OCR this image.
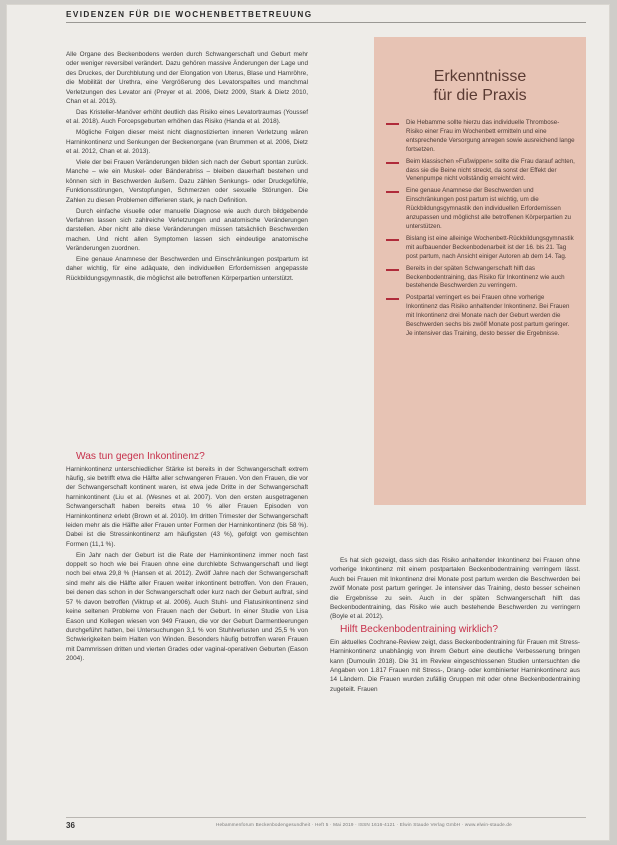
EVIDENZEN FÜR DIE WOCHENBETTBETREUUNG

Alle Organe des Beckenbodens werden durch Schwangerschaft und Geburt mehr oder weniger reversibel verändert. Dazu gehören massive Änderungen der Lage und des Druckes, der Durchblutung und der Elongation von Uterus, Blase und Harnröhre, die Mobilität der Urethra, eine Vergrößerung des Levatorspaltes und manchmal Verletzungen des Levator ani (Preyer et al. 2006, Dietz 2009, Stark & Dietz 2010, Chan et al. 2013).

Das Kristeller-Manöver erhöht deutlich das Risiko eines Levatortraumas (Youssef et al. 2018). Auch Forcepsgeburten erhöhen das Risiko (Handa et al. 2018).

Mögliche Folgen dieser meist nicht diagnostizierten inneren Verletzung wären Harninkontinenz und Senkungen der Beckenorgane (van Brummen et al. 2006, Dietz et al. 2012, Chan et al. 2013).

Viele der bei Frauen Veränderungen bilden sich nach der Geburt spontan zurück. Manche – wie ein Muskel- oder Bänderabriss – bleiben dauerhaft bestehen und können sich in Beschwerden äußern. Dazu zählen Senkungs- oder Druckgefühle, Funktionsstörungen, Verstopfungen, Schmerzen oder sexuelle Störungen. Die Zahlen zu diesen Problemen differieren stark, je nach Definition.

Durch einfache visuelle oder manuelle Diagnose wie auch durch bildgebende Verfahren lassen sich zahlreiche Verletzungen und anatomische Veränderungen darstellen. Aber nicht alle diese Veränderungen müssen tatsächlich Beschwerden machen. Und nicht allen Symptomen lassen sich eindeutige anatomische Veränderungen zuordnen.

Eine genaue Anamnese der Beschwerden und Einschränkungen postpartum ist daher wichtig, für eine adäquate, den individuellen Erfordernissen angepasste Rückbildungsgymnastik, die möglichst alle betroffenen Körperpartien unterstützt.

Was tun gegen Inkontinenz?

Harninkontinenz unterschiedlicher Stärke ist bereits in der Schwangerschaft extrem häufig, sie betrifft etwa die Hälfte aller schwangeren Frauen. Von den Frauen, die vor der Schwangerschaft kontinent waren, ist etwa jede Dritte in der Schwangerschaft harninkontinent (Liu et al. (Wesnes et al. 2007). Von den ersten ausgetragenen Schwangerschaft haben bereits etwa 10 % aller Frauen Episoden von Harninkontinenz erlebt (Brown et al. 2010). Im dritten Trimester der Schwangerschaft leiden mehr als die Hälfte aller Frauen unter Formen der Harninkontinenz (bis 58 %). Dabei ist die Stressinkontinenz am häufigsten (43 %), gefolgt von gemischten Formen (11,1 %).

Ein Jahr nach der Geburt ist die Rate der Harninkontinenz immer noch fast doppelt so hoch wie bei Frauen ohne eine durchlebte Schwangerschaft und liegt noch bei etwa 29,8 % (Hansen et al. 2012). Zwölf Jahre nach der Schwangerschaft sind mehr als die Hälfte aller Frauen weiter inkontinent betroffen. Von den Frauen, bei denen das schon in der Schwangerschaft oder kurz nach der Geburt auftrat, sind 57 % davon betroffen (Viktrup et al. 2006). Auch Stuhl- und Flatusinkontinenz sind keine seltenen Probleme von Frauen nach der Geburt. In einer Studie von Lisa Eason und Kollegen wiesen von 949 Frauen, die vor der Geburt Darmentleerungen durchgeführt hatten, bei Untersuchungen 3,1 % von Stuhlverlusten und 25,5 % von Schwierigkeiten beim Halten von Winden. Besonders häufig betroffen waren Frauen mit Dammrissen dritten und vierten Grades oder vaginal-operativen Geburten (Eason 2004).

Erkenntnisse
für die Praxis
Die Hebamme sollte hierzu das individuelle Thrombose-Risiko einer Frau im Wochenbett ermitteln und eine entsprechende Versorgung anregen sowie ausreichend lange fortsetzen.
Beim klassischen »Fußwippen« sollte die Frau darauf achten, dass sie die Beine nicht streckt, da sonst der Effekt der Venenpumpe nicht vollständig erreicht wird.
Eine genaue Anamnese der Beschwerden und Einschränkungen post partum ist wichtig, um die Rückbildungsgymnastik den individuellen Erfordernissen anzupassen und möglichst alle betroffenen Körperpartien zu unterstützen.
Bislang ist eine alleinige Wochenbett-Rückbildungsgymnastik mit aufbauender Beckenbodenarbeit ist der 16. bis 21. Tag post partum, nach Ansicht einiger Autoren ab dem 14. Tag.
Bereits in der späten Schwangerschaft hilft das Beckenbodentraining, das Risiko für Inkontinenz wie auch bestehende Beschwerden zu verringern.
Postpartal verringert es bei Frauen ohne vorherige Inkontinenz das Risiko anhaltender Inkontinenz. Bei Frauen mit Inkontinenz drei Monate nach der Geburt werden die Beschwerden sechs bis zwölf Monate post partum geringer. Je intensiver das Training, desto besser die Ergebnisse.

Es hat sich gezeigt, dass sich das Risiko anhaltender Inkontinenz bei Frauen ohne vorherige Inkontinenz mit einem postpartalen Beckenbodentraining verringern lässt. Auch bei Frauen mit Inkontinenz drei Monate post partum werden die Beschwerden bei zwölf Monate post partum geringer. Je intensiver das Training, desto besser scheinen die Ergebnisse zu sein. Auch in der späten Schwangerschaft hilft das Beckenbodentraining, das Risiko wie auch bestehende Beschwerden zu verringern (Boyle et al. 2012).

Hilft Beckenbodentraining wirklich?

Ein aktuelles Cochrane-Review zeigt, dass Beckenbodentraining für Frauen mit Stress-Harninkontinenz unabhängig von ihrem Geburt eine deutliche Verbesserung bringen kann (Dumoulin 2018). Die 31 im Review eingeschlossenen Studien untersuchten die Angaben von 1.817 Frauen mit Stress-, Drang- oder kombinierter Harninkontinenz aus 14 Ländern. Die Frauen wurden zufällig Gruppen mit oder ohne Beckenbodentraining zugeteilt. Frauen

36	Hebammenforum Beckenbodengesundheit · Heft 5 · Mai 2019 · ISSN 1616-4121 · Elwin Staude Verlag GmbH · www.elwin-staude.de
